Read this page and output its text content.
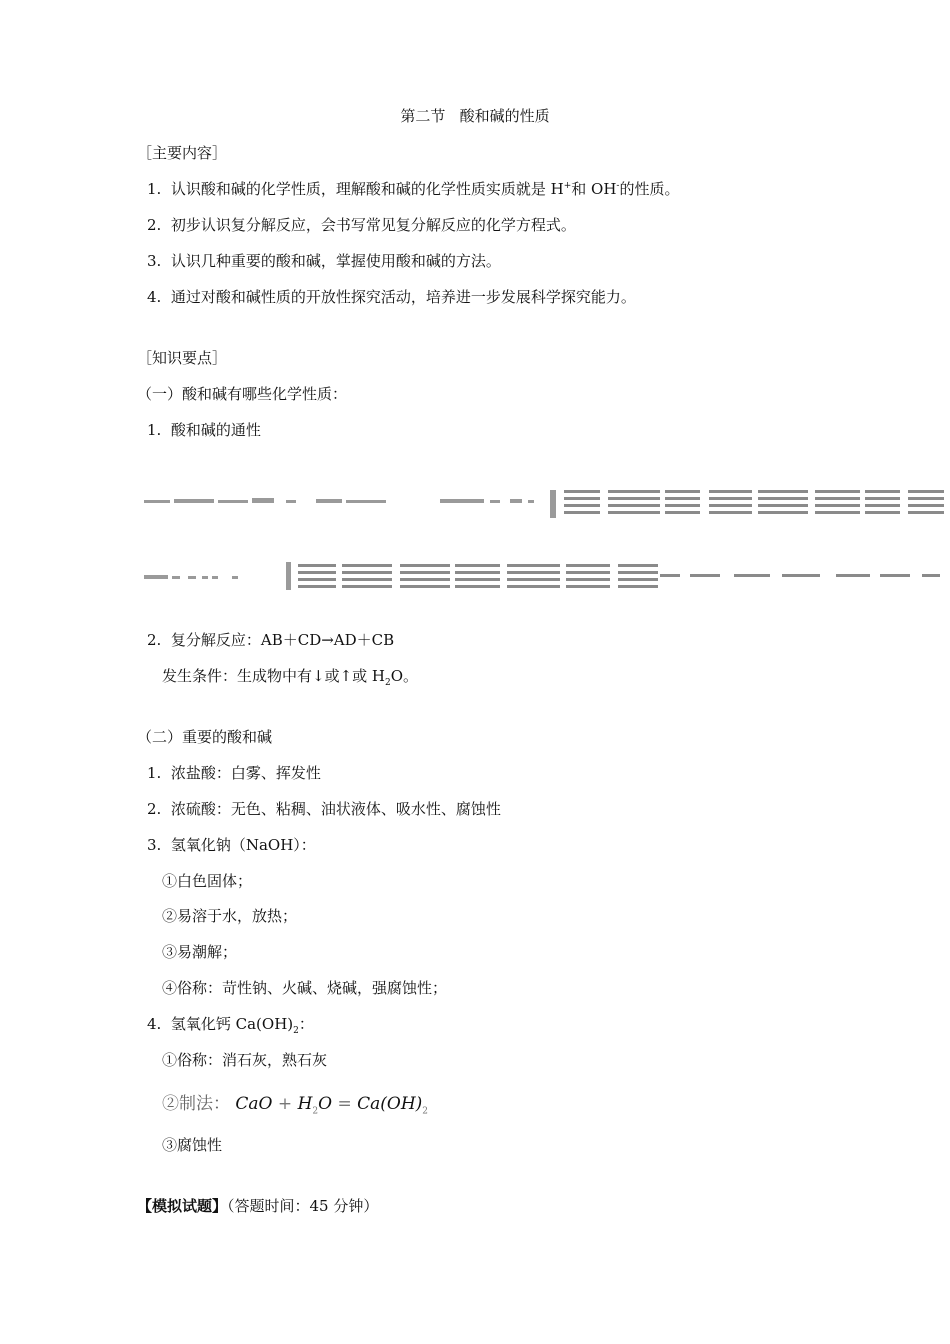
第二节 酸和碱的性质
［主要内容］
1. 认识酸和碱的化学性质，理解酸和碱的化学性质实质就是 H+和 OH-的性质。
2. 初步认识复分解反应，会书写常见复分解反应的化学方程式。
3. 认识几种重要的酸和碱，掌握使用酸和碱的方法。
4. 通过对酸和碱性质的开放性探究活动，培养进一步发展科学探究能力。
［知识要点］
（一）酸和碱有哪些化学性质：
1. 酸和碱的通性
2. 复分解反应：AB＋CD→AD＋CB
发生条件：生成物中有↓或↑或 $H_2O$。
（二）重要的酸和碱
1. 浓盐酸：白雾、挥发性
2. 浓硫酸：无色、粘稠、油状液体、吸水性、腐蚀性
3. 氢氧化钠（NaOH）：
①白色固体；
②易溶于水，放热；
③易潮解；
④俗称：苛性钠、火碱、烧碱，强腐蚀性；
4. 氢氧化钙 $Ca(OH)_2$：
①俗称：消石灰，熟石灰
②制法： CaO + $H_2O = Ca(OH)_2$
③腐蚀性
【模拟试题】（答题时间：45 分钟）
